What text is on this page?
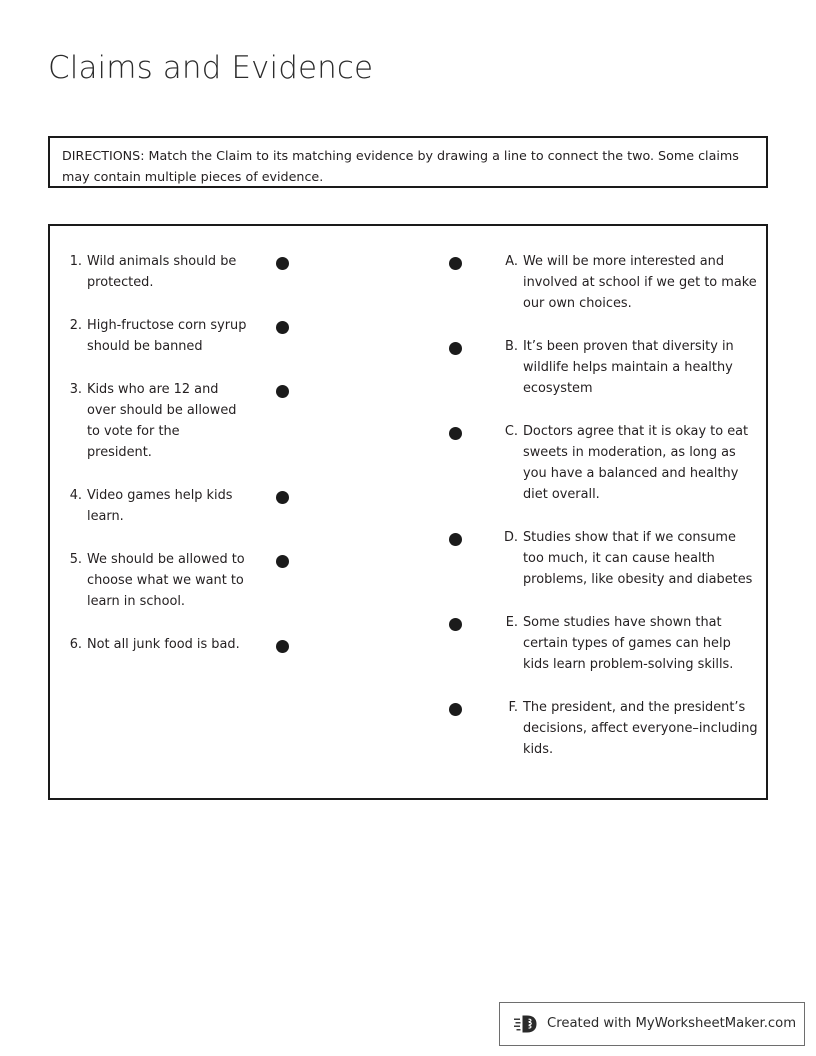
Claims and Evidence
DIRECTIONS: Match the Claim to its matching evidence by drawing a line to connect the two. Some claims may contain multiple pieces of evidence.
1. Wild animals should be protected.
2. High-fructose corn syrup should be banned
3. Kids who are 12 and over should be allowed to vote for the president.
4. Video games help kids learn.
5. We should be allowed to choose what we want to learn in school.
6. Not all junk food is bad.
A. We will be more interested and involved at school if we get to make our own choices.
B. It’s been proven that diversity in wildlife helps maintain a healthy ecosystem
C. Doctors agree that it is okay to eat sweets in moderation, as long as you have a balanced and healthy diet overall.
D. Studies show that if we consume too much, it can cause health problems, like obesity and diabetes
E. Some studies have shown that certain types of games can help kids learn problem-solving skills.
F. The president, and the president’s decisions, affect everyone–including kids.
Created with MyWorksheetMaker.com
